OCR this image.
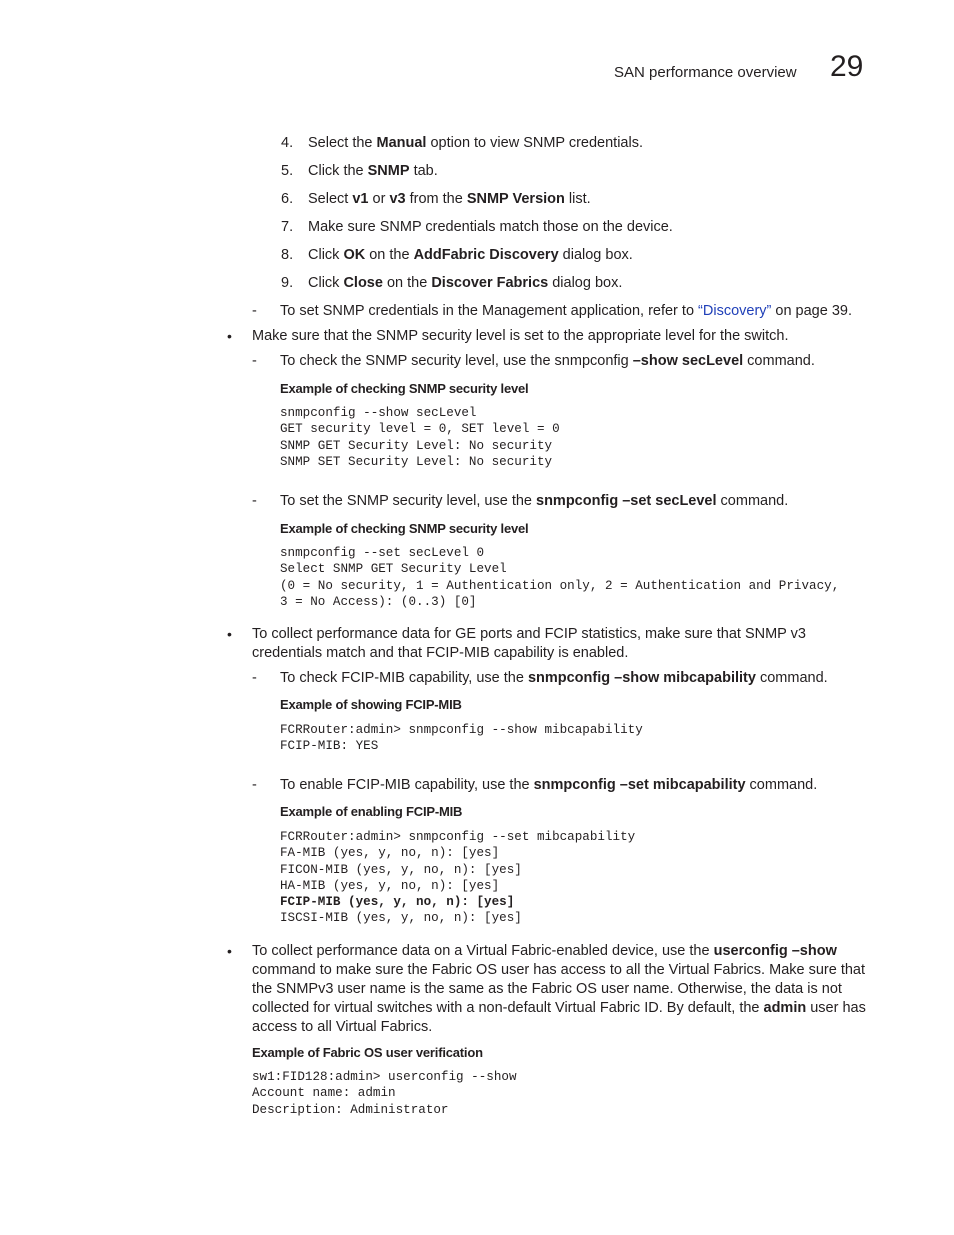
SAN performance overview 29
4. Select the Manual option to view SNMP credentials.
5. Click the SNMP tab.
6. Select v1 or v3 from the SNMP Version list.
7. Make sure SNMP credentials match those on the device.
8. Click OK on the AddFabric Discovery dialog box.
9. Click Close on the Discover Fabrics dialog box.
- To set SNMP credentials in the Management application, refer to “Discovery” on page 39.
• Make sure that the SNMP security level is set to the appropriate level for the switch.
- To check the SNMP security level, use the snmpconfig –show secLevel command.
Example of checking SNMP security level
snmpconfig --show secLevel
GET security level = 0, SET level = 0
SNMP GET Security Level: No security
SNMP SET Security Level: No security
- To set the SNMP security level, use the snmpconfig –set secLevel command.
Example of checking SNMP security level
snmpconfig --set secLevel 0
Select SNMP GET Security Level
(0 = No security, 1 = Authentication only, 2 = Authentication and Privacy,
3 = No Access): (0..3) [0]
• To collect performance data for GE ports and FCIP statistics, make sure that SNMP v3 credentials match and that FCIP-MIB capability is enabled.
- To check FCIP-MIB capability, use the snmpconfig –show mibcapability command.
Example of showing FCIP-MIB
FCRRouter:admin> snmpconfig --show mibcapability
FCIP-MIB: YES
- To enable FCIP-MIB capability, use the snmpconfig –set mibcapability command.
Example of enabling FCIP-MIB
FCRRouter:admin> snmpconfig --set mibcapability
FA-MIB (yes, y, no, n): [yes]
FICON-MIB (yes, y, no, n): [yes]
HA-MIB (yes, y, no, n): [yes]
FCIP-MIB (yes, y, no, n): [yes]
ISCSI-MIB (yes, y, no, n): [yes]
• To collect performance data on a Virtual Fabric-enabled device, use the userconfig –show command to make sure the Fabric OS user has access to all the Virtual Fabrics. Make sure that the SNMPv3 user name is the same as the Fabric OS user name. Otherwise, the data is not collected for virtual switches with a non-default Virtual Fabric ID. By default, the admin user has access to all Virtual Fabrics.
Example of Fabric OS user verification
sw1:FID128:admin> userconfig --show
Account name: admin
Description: Administrator
